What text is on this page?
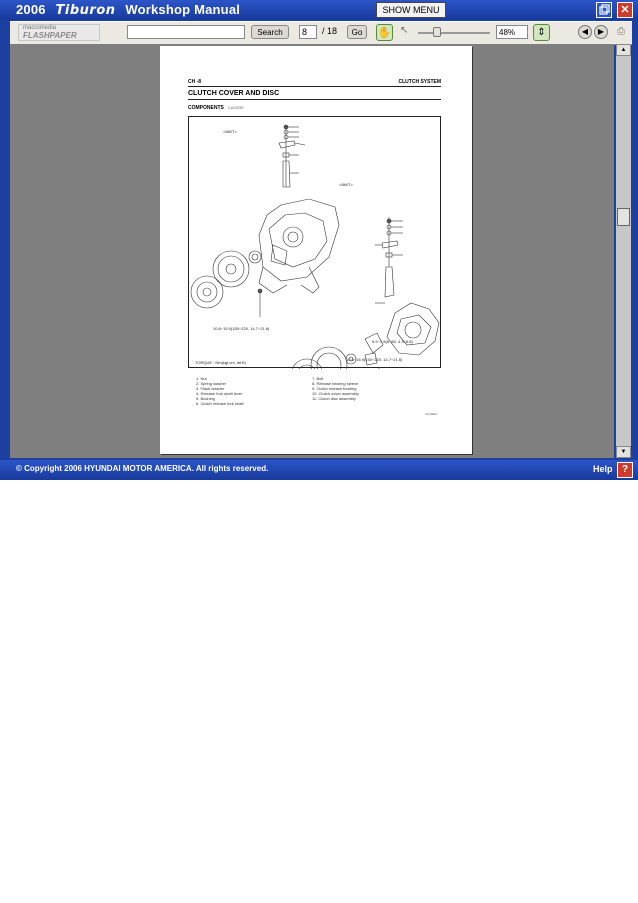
2006 Tiburon Workshop Manual	SHOW MENU	✕
macromedia
FLASHPAPER	Search	8	/ 18	Go	✋ ↖	48%	⇕	◀	▶	⎙
CH -8	CLUTCH SYSTEM
CLUTCH COVER AND DISC
COMPONENTS CAGE5E
<5M/T>
<5M/T>
10.8~15.9(150~220, 14.7~21.6)
5.9~7.8(6~80, 4.3~5.8)
10.8~15.9(150~220, 14.7~21.6)
TORQUE : Nm(kgf.cm, lbf.ft)
1. Nut
2. Spring washer
3. Flash washer
4. Release fork shaft lever
5. Bushing
6. Clutch release fork shaft
7. Bolt
8. Release bearing sleeve
9. Clutch release bearing
10. Clutch cover assembly
11. Clutch disc assembly
CUCE0A
▲
▼
© Copyright 2006 HYUNDAI MOTOR AMERICA. All rights reserved.	Help ?
